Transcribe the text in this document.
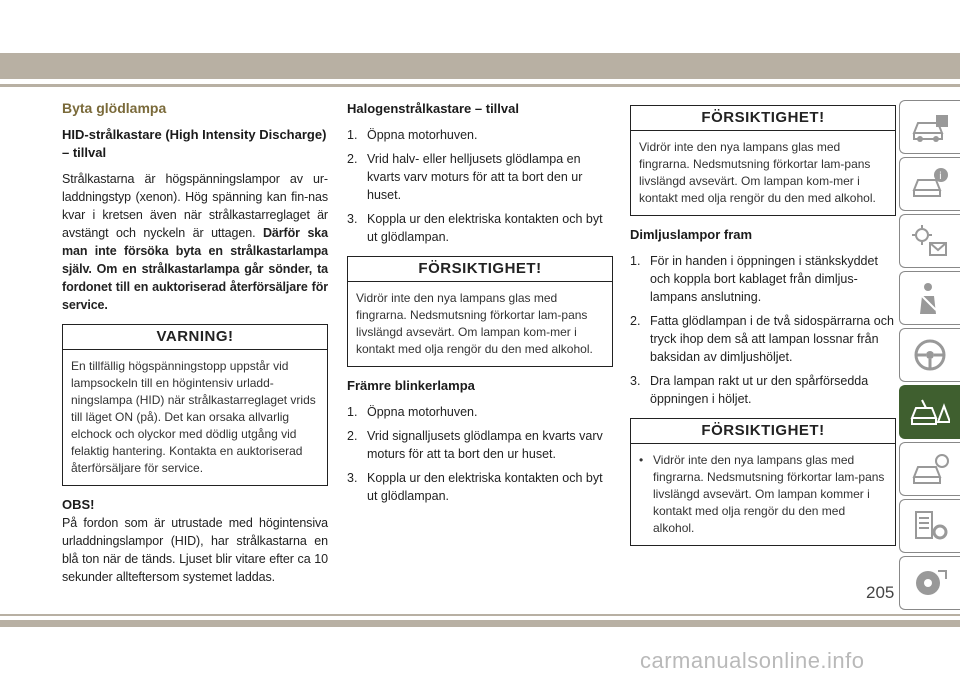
Byta glödlampa
HID-strålkastare (High Intensity Discharge) – tillval
Strålkastarna är högspänningslampor av ur-laddningstyp (xenon). Hög spänning kan fin-nas kvar i kretsen även när strålkastarreglaget är avstängt och nyckeln är uttagen. Därför ska man inte försöka byta en strålkastarlampa själv. Om en strålkastarlampa går sönder, ta fordonet till en auktoriserad återförsäljare för service.
VARNING!
En tillfällig högspänningstopp uppstår vid lampsockeln till en högintensiv urladd-ningslampa (HID) när strålkastarreglaget vrids till läget ON (på). Det kan orsaka allvarlig elchock och olyckor med dödlig utgång vid felaktig hantering. Kontakta en auktoriserad återförsäljare för service.
OBS!
På fordon som är utrustade med högintensiva urladdningslampor (HID), har strålkastarna en blå ton när de tänds. Ljuset blir vitare efter ca 10 sekunder allteftersom systemet laddas.
Halogenstrålkastare – tillval
1. Öppna motorhuven.
2. Vrid halv- eller helljusets glödlampa en kvarts varv moturs för att ta bort den ur huset.
3. Koppla ur den elektriska kontakten och byt ut glödlampan.
FÖRSIKTIGHET!
Vidrör inte den nya lampans glas med fingrarna. Nedsmutsning förkortar lam-pans livslängd avsevärt. Om lampan kom-mer i kontakt med olja rengör du den med alkohol.
Främre blinkerlampa
1. Öppna motorhuven.
2. Vrid signalljusets glödlampa en kvarts varv moturs för att ta bort den ur huset.
3. Koppla ur den elektriska kontakten och byt ut glödlampan.
FÖRSIKTIGHET!
Vidrör inte den nya lampans glas med fingrarna. Nedsmutsning förkortar lam-pans livslängd avsevärt. Om lampan kom-mer i kontakt med olja rengör du den med alkohol.
Dimljuslampor fram
1. För in handen i öppningen i stänkskyddet och koppla bort kablaget från dimljus-lampans anslutning.
2. Fatta glödlampan i de två sidospärrarna och tryck ihop dem så att lampan lossnar från baksidan av dimljushöljet.
3. Dra lampan rakt ut ur den spårförsedda öppningen i höljet.
FÖRSIKTIGHET!
• Vidrör inte den nya lampans glas med fingrarna. Nedsmutsning förkortar lam-pans livslängd avsevärt. Om lampan kommer i kontakt med olja rengör du den med alkohol.
i
205
carmanualsonline.info
